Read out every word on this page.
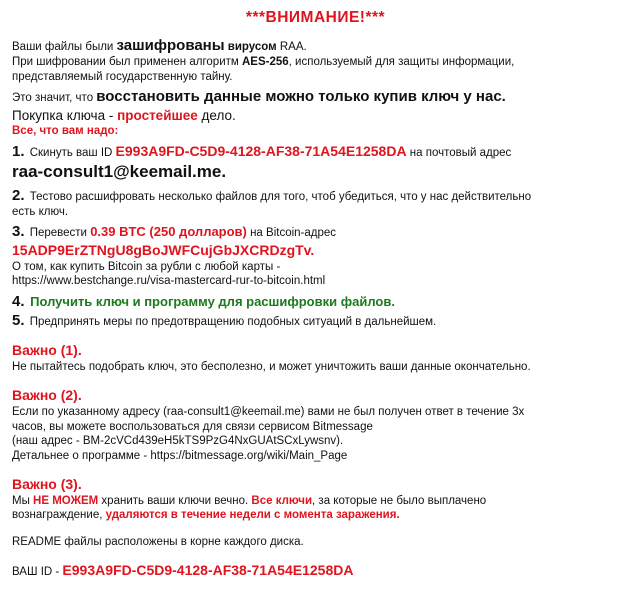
***ВНИМАНИЕ!***
Ваши файлы были зашифрованы вирусом RAA.
При шифровании был применен алгоритм AES-256, используемый для защиты информации,
представляемый государственную тайну.
Это значит, что восстановить данные можно только купив ключ у нас.
Покупка ключа - простейшее дело.
Все, что вам надо:
1. Скинуть ваш ID E993A9FD-C5D9-4128-AF38-71A54E1258DA на почтовый адрес
raa-consult1@keemail.me.
2. Тестово расшифровать несколько файлов для того, чтоб убедиться, что у нас действительно
есть ключ.
3. Перевести 0.39 BTC (250 долларов) на Bitcoin-адрес
15ADP9ErZTNgU8gBoJWFCujGbJXCRDzgTv.
О том, как купить Bitcoin за рубли с любой карты -
https://www.bestchange.ru/visa-mastercard-rur-to-bitcoin.html
4. Получить ключ и программу для расшифровки файлов.
5. Предпринять меры по предотвращению подобных ситуаций в дальнейшем.
Важно (1).
Не пытайтесь подобрать ключ, это бесполезно, и может уничтожить ваши данные окончательно.
Важно (2).
Если по указанному адресу (raa-consult1@keemail.me) вами не был получен ответ в течение 3х
часов, вы можете воспользоваться для связи сервисом Bitmessage
(наш адрес - BM-2cVCd439eH5kTS9PzG4NxGUAtSCxLywsnv).
Детальнее о программе - https://bitmessage.org/wiki/Main_Page
Важно (3).
Мы НЕ МОЖЕМ хранить ваши ключи вечно. Все ключи, за которые не было выплачено
вознаграждение, удаляются в течение недели с момента заражения.
README файлы расположены в корне каждого диска.
ВАШ ID - E993A9FD-C5D9-4128-AF38-71A54E1258DA
